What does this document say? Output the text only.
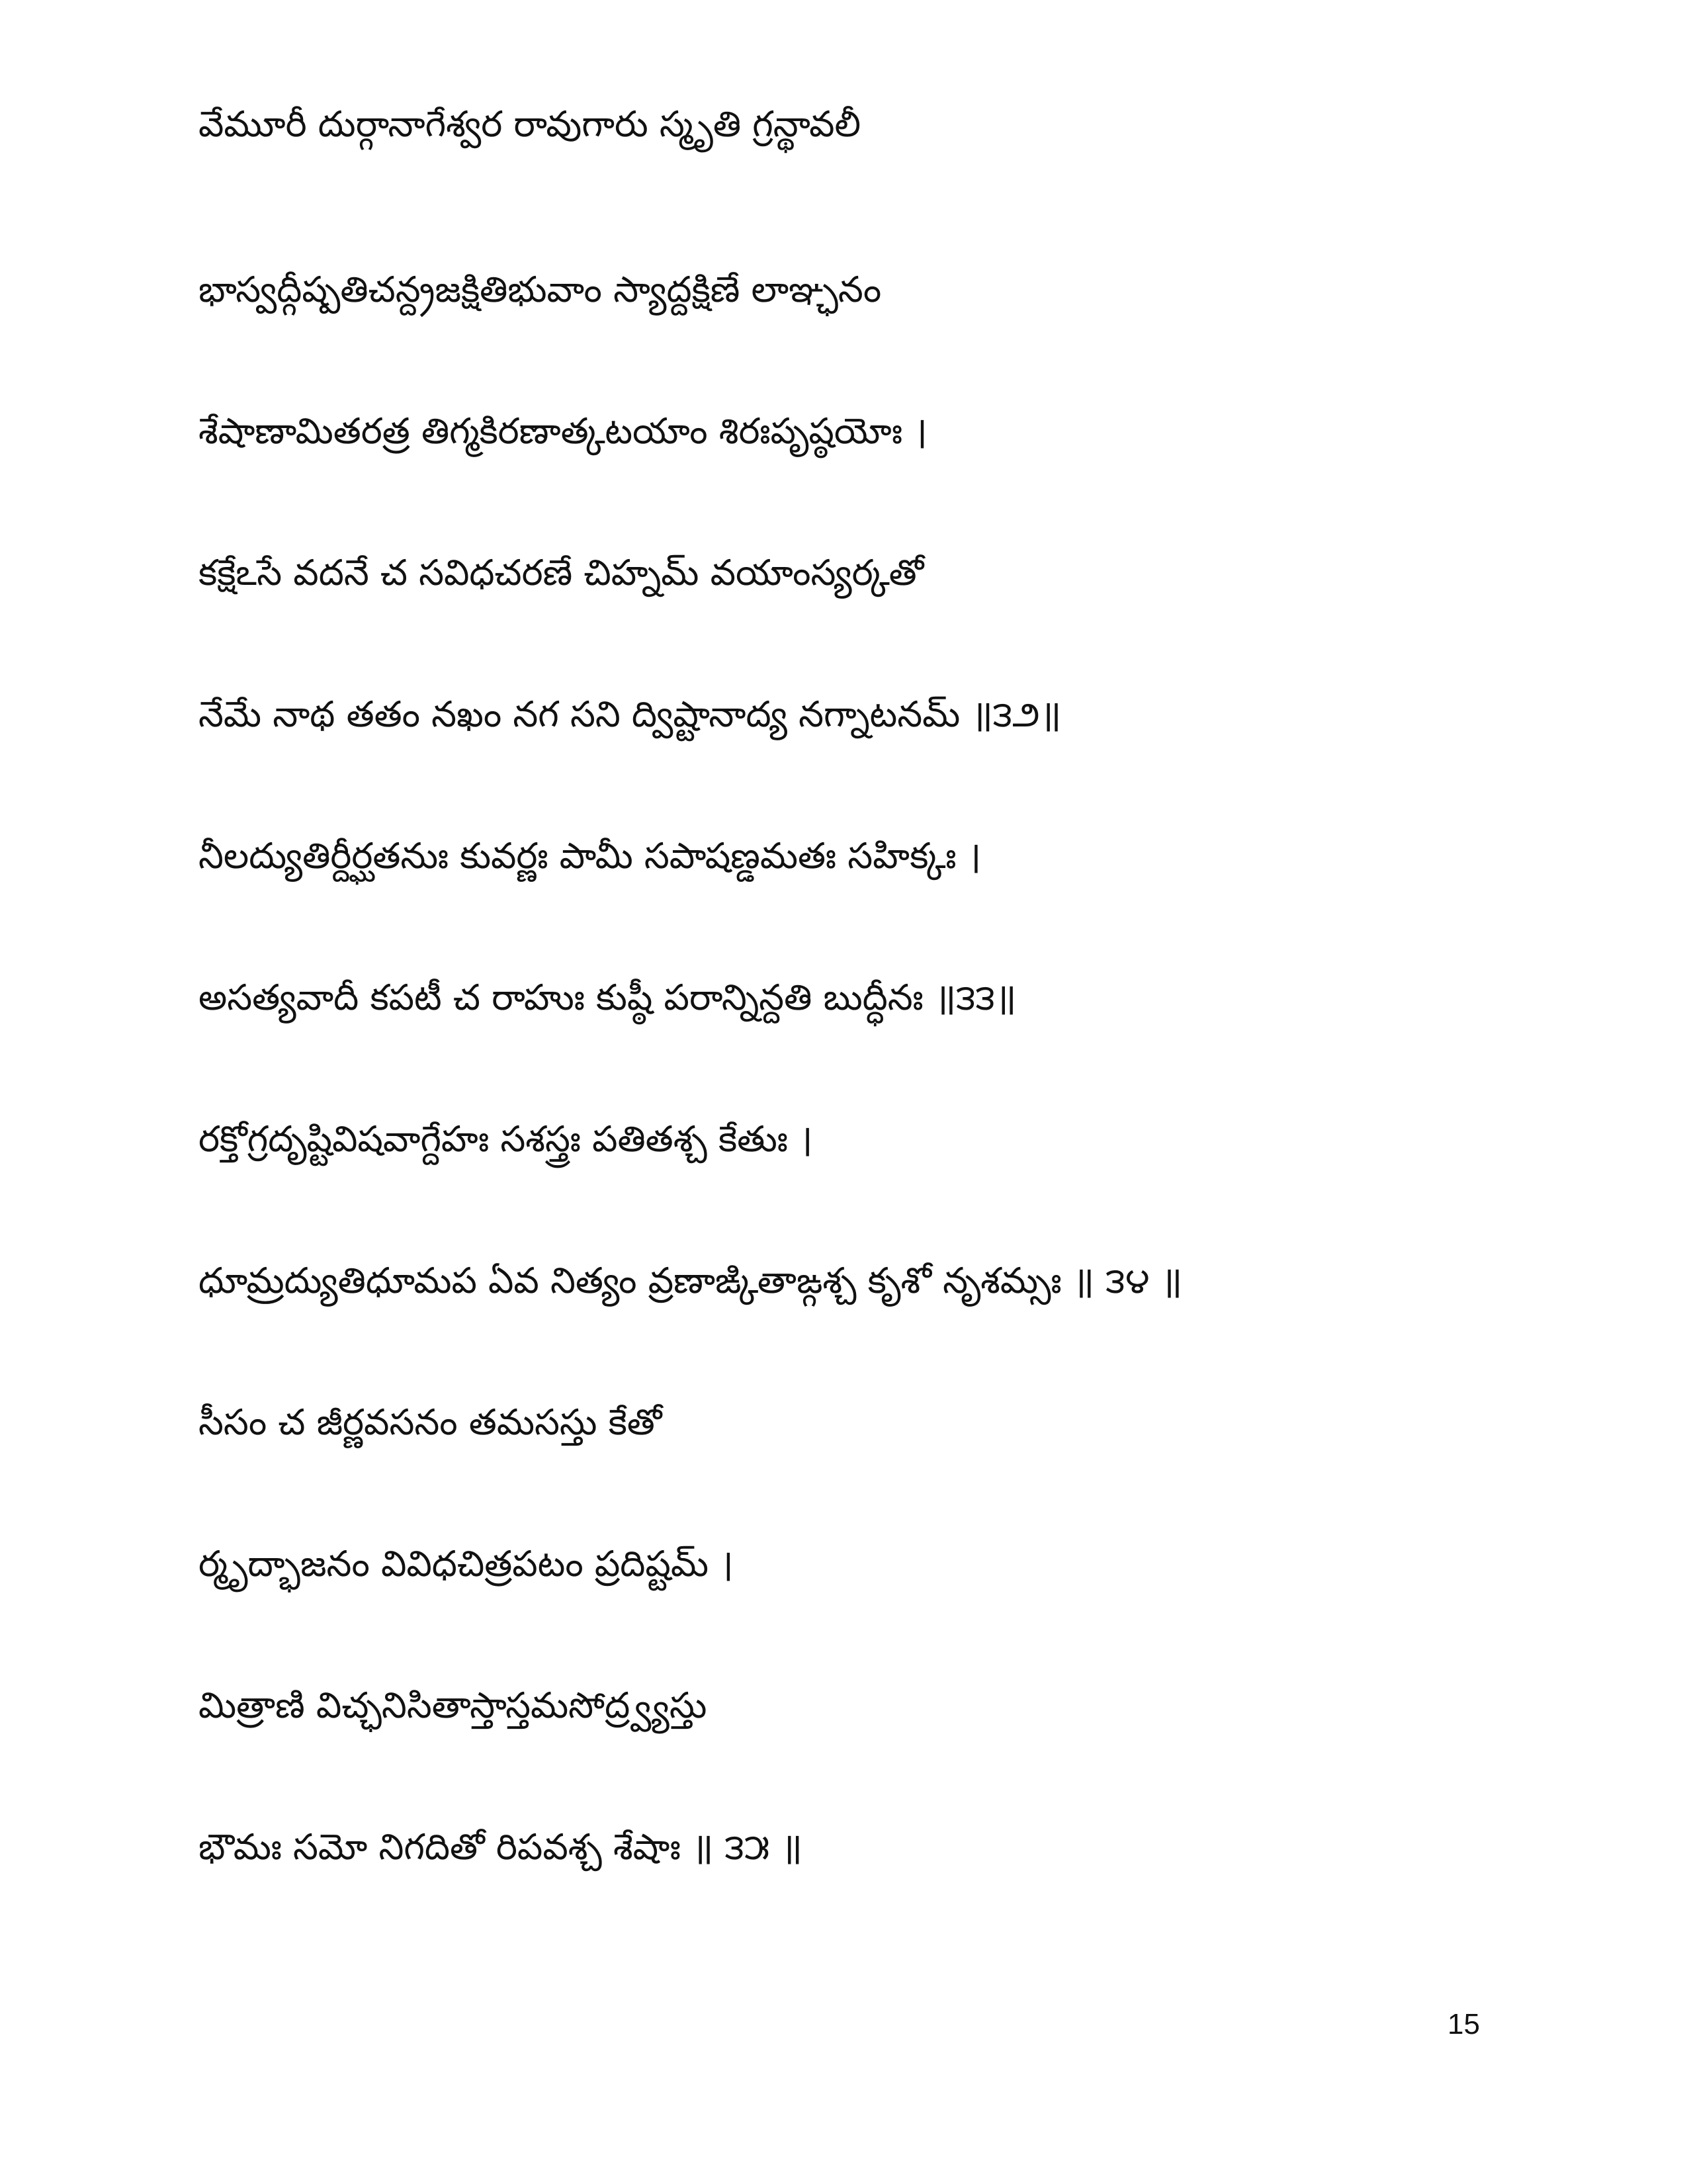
వేమూరీ దుర్గానాగేశ్వర రావుగారు స్మృతి గ్రన్థావలీ
భాస్వద్గీష్పతిచన్ద్రజక్షితిభువాం స్యాద్దక్షిణే లాఞ్ఛనం
శేషాణామితరత్ర తిగ్మకిరణాత్కటయాం శిరఃపృష్ఠయోః ।
కక్షేఽసే వదనే చ సవిధచరణే చిహ్నమ్ వయాంస్యర్కతో
నేమే నాథ తతం నఖం నగ సని ద్విష్టానాద్య నగ్నాటనమ్ ॥౩౨॥
నీలద్యుతిర్దీర్ఘతనుః కువర్ణః పామీ సపాషణ్డమతః సహిక్కః ।
అసత్యవాదీ కపటీ చ రాహుః కుష్ఠీ పరాన్నిన్దతి బుద్ధీనః ॥౩౩॥
రక్తోగ్రదృష్టివిషవాగ్దేహః సశస్త్రః పతితశ్చ కేతుః ।
ధూమ్రద్యుతిధూమప ఏవ నిత్యం వ్రణాఙ్కితాఙ్గశ్చ కృశో నృశమ్సః ॥ ౩౪ ॥
సీసం చ జీర్ణవసనం తమసస్తు కేతో
ర్మృద్భాజనం వివిధచిత్రపటం ప్రదిష్టమ్ ।
మిత్రాణి విచ్ఛనిసితాస్తాస్తమసోద్ర్వ్యస్తు
భౌమః సమో నిగదితో రిపవశ్చ శేషాః ॥ ౩౫ ॥
15
